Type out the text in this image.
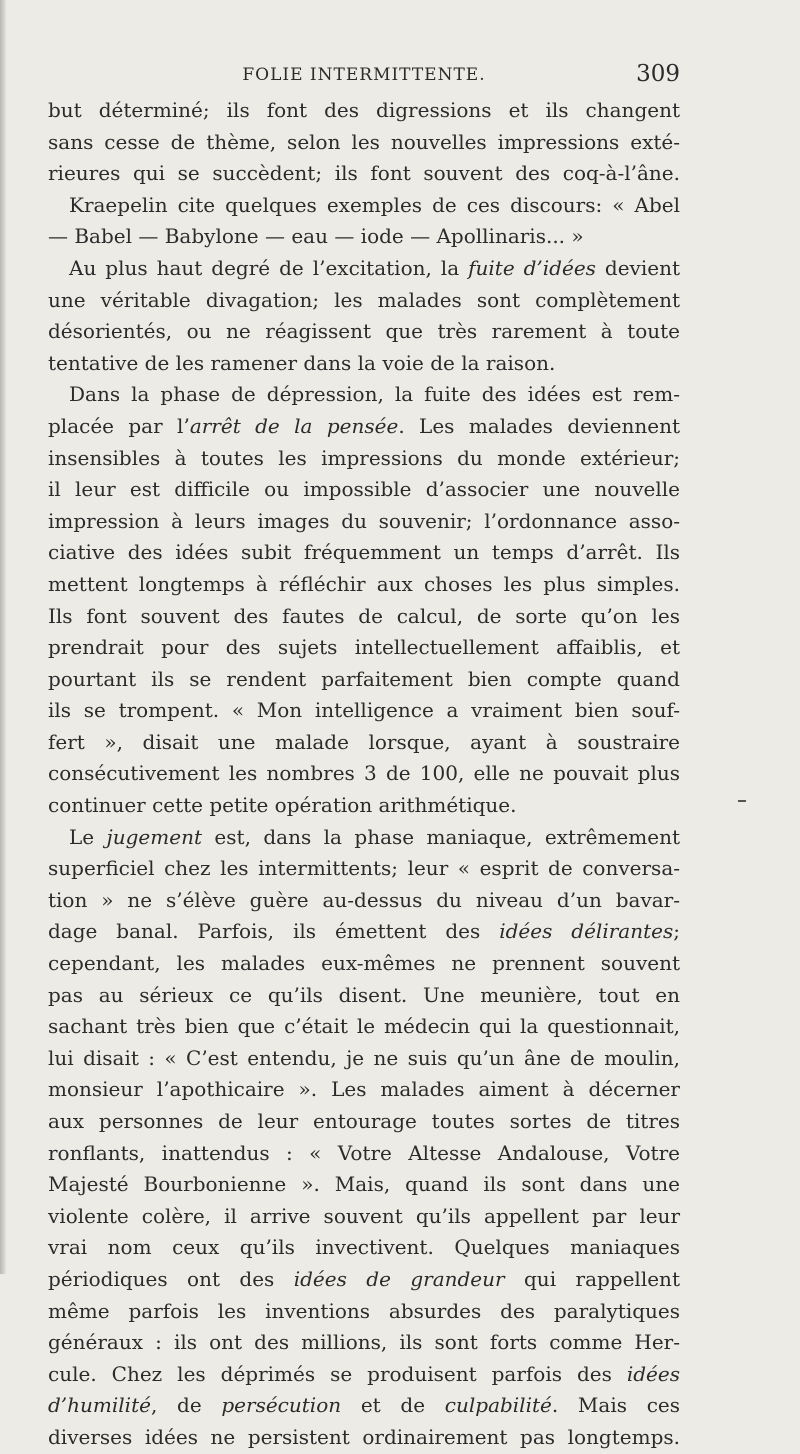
FOLIE INTERMITTENTE.	309
but déterminé; ils font des digressions et ils changent
sans cesse de thème, selon les nouvelles impressions exté-
rieures qui se succèdent; ils font souvent des coq-à-l’âne.
Kraepelin cite quelques exemples de ces discours: « Abel
— Babel — Babylone — eau — iode — Apollinaris... »
Au plus haut degré de l’excitation, la fuite d’idées devient
une véritable divagation; les malades sont complètement
désorientés, ou ne réagissent que très rarement à toute
tentative de les ramener dans la voie de la raison.
Dans la phase de dépression, la fuite des idées est rem-
placée par l’arrêt de la pensée. Les malades deviennent
insensibles à toutes les impressions du monde extérieur;
il leur est difficile ou impossible d’associer une nouvelle
impression à leurs images du souvenir; l’ordonnance asso-
ciative des idées subit fréquemment un temps d’arrêt. Ils
mettent longtemps à réfléchir aux choses les plus simples.
Ils font souvent des fautes de calcul, de sorte qu’on les
prendrait pour des sujets intellectuellement affaiblis, et
pourtant ils se rendent parfaitement bien compte quand
ils se trompent. « Mon intelligence a vraiment bien souf-
fert », disait une malade lorsque, ayant à soustraire
consécutivement les nombres 3 de 100, elle ne pouvait plus
continuer cette petite opération arithmétique.
Le jugement est, dans la phase maniaque, extrêmement
superficiel chez les intermittents; leur « esprit de conversa-
tion » ne s’élève guère au-dessus du niveau d’un bavar-
dage banal. Parfois, ils émettent des idées délirantes;
cependant, les malades eux-mêmes ne prennent souvent
pas au sérieux ce qu’ils disent. Une meunière, tout en
sachant très bien que c’était le médecin qui la questionnait,
lui disait : « C’est entendu, je ne suis qu’un âne de moulin,
monsieur l’apothicaire ». Les malades aiment à décerner
aux personnes de leur entourage toutes sortes de titres
ronflants, inattendus : « Votre Altesse Andalouse, Votre
Majesté Bourbonienne ». Mais, quand ils sont dans une
violente colère, il arrive souvent qu’ils appellent par leur
vrai nom ceux qu’ils invectivent. Quelques maniaques
périodiques ont des idées de grandeur qui rappellent
même parfois les inventions absurdes des paralytiques
généraux : ils ont des millions, ils sont forts comme Her-
cule. Chez les déprimés se produisent parfois des idées
d’humilité, de persécution et de culpabilité. Mais ces
diverses idées ne persistent ordinairement pas longtemps.
